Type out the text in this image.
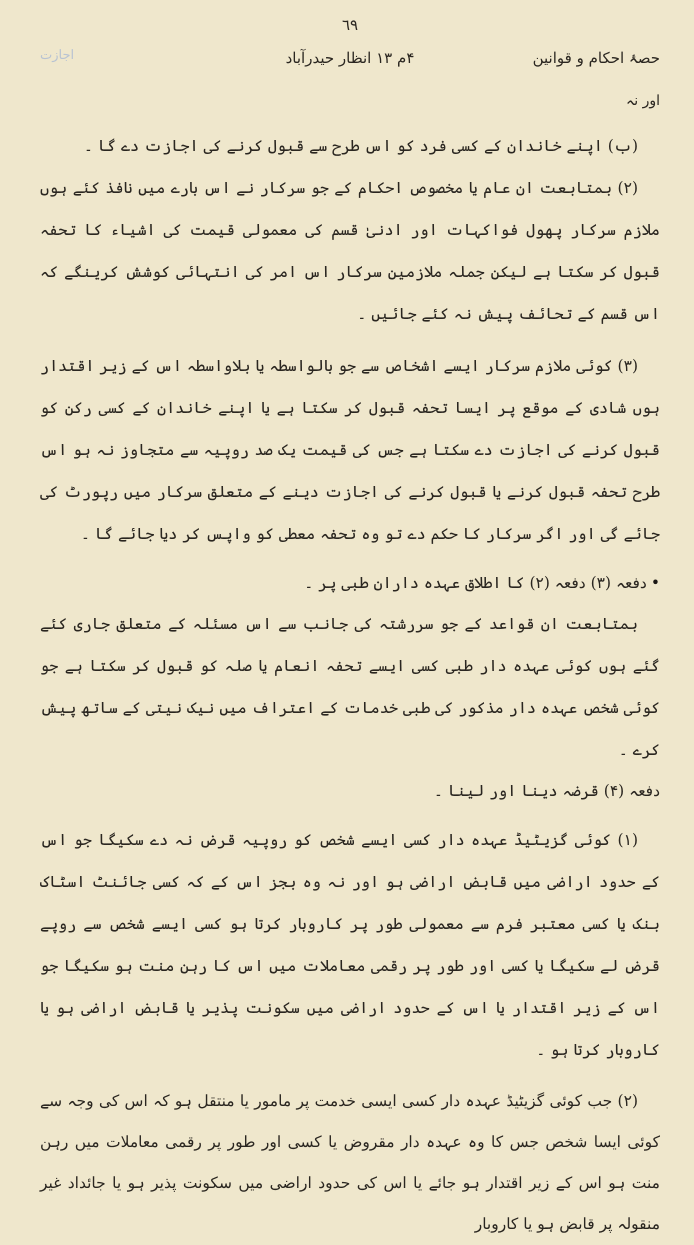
٦٩
حصۂ احکام و قوانین
۴م ۱۳ انظار حیدرآباد
اجازت
اور نہ

(ب) اپنے خاندان کے کسی فرد کو اس طرح سے قبول کرنے کی اجازت دے گا ۔

(۲) بمتابعت ان عام یا مخصوص احکام کے جو سرکار نے اس بارے میں نافذ کئے ہوں ملازم سرکار پھول فواکہات اور ادنیٰ قسم کی معمولی قیمت کی اشیاء کا تحفہ قبول کر سکتا ہے لیکن جملہ ملازمین سرکار اس امر کی انتہائی کوشش کرینگے کہ اس قسم کے تحائف پیش نہ کئے جائیں ۔

(۳) کوئی ملازم سرکار ایسے اشخاص سے جو بالواسطہ یا بلاواسطہ اس کے زیر اقتدار ہوں شادی کے موقع پر ایسا تحفہ قبول کر سکتا ہے یا اپنے خاندان کے کسی رکن کو قبول کرنے کی اجازت دے سکتا ہے جس کی قیمت یک صد روپیہ سے متجاوز نہ ہو اس طرح تحفہ قبول کرنے یا قبول کرنے کی اجازت دینے کے متعلق سرکار میں رپورٹ کی جائے گی اور اگر سرکار کا حکم دے تو وہ تحفہ معطی کو واپس کر دیا جائے گا ۔

•دفعہ (۳) دفعہ (۲) کا اطلاق عہدہ داران طبی پر ۔

بمتابعت ان قواعد کے جو سررشتہ کی جانب سے اس مسئلہ کے متعلق جاری کئے گئے ہوں کوئی عہدہ دار طبی کسی ایسے تحفہ انعام یا صلہ کو قبول کر سکتا ہے جو کوئی شخص عہدہ دار مذکور کی طبی خدمات کے اعتراف میں نیک نیتی کے ساتھ پیش کرے ۔

دفعہ (۴) قرضہ دینا اور لینا ۔

(۱) کوئی گزیٹیڈ عہدہ دار کسی ایسے شخص کو روپیہ قرض نہ دے سکیگا جو اس کے حدود اراضی میں قابض اراضی ہو اور نہ وہ بجز اس کے کہ کسی جائنٹ اسٹاک بنک یا کسی معتبر فرم سے معمولی طور پر کاروبار کرتا ہو کسی ایسے شخص سے روپے قرض لے سکیگا یا کسی اور طور پر رقمی معاملات میں اس کا رہن منت ہو سکیگا جو اس کے زیر اقتدار یا اس کے حدود اراضی میں سکونت پذیر یا قابض اراضی ہو یا کاروبار کرتا ہو ۔

(۲) جب کوئی گزیٹیڈ عہدہ دار کسی ایسی خدمت پر مامور یا منتقل ہو کہ اس کی وجہ سے کوئی ایسا شخص جس کا وہ عہدہ دار مقروض یا کسی اور طور پر رقمی معاملات میں رہن منت ہو اس کے زیر اقتدار ہو جائے یا اس کی حدود اراضی میں سکونت پذیر ہو یا جائداد غیر منقولہ پر قابض ہو یا کاروبار
